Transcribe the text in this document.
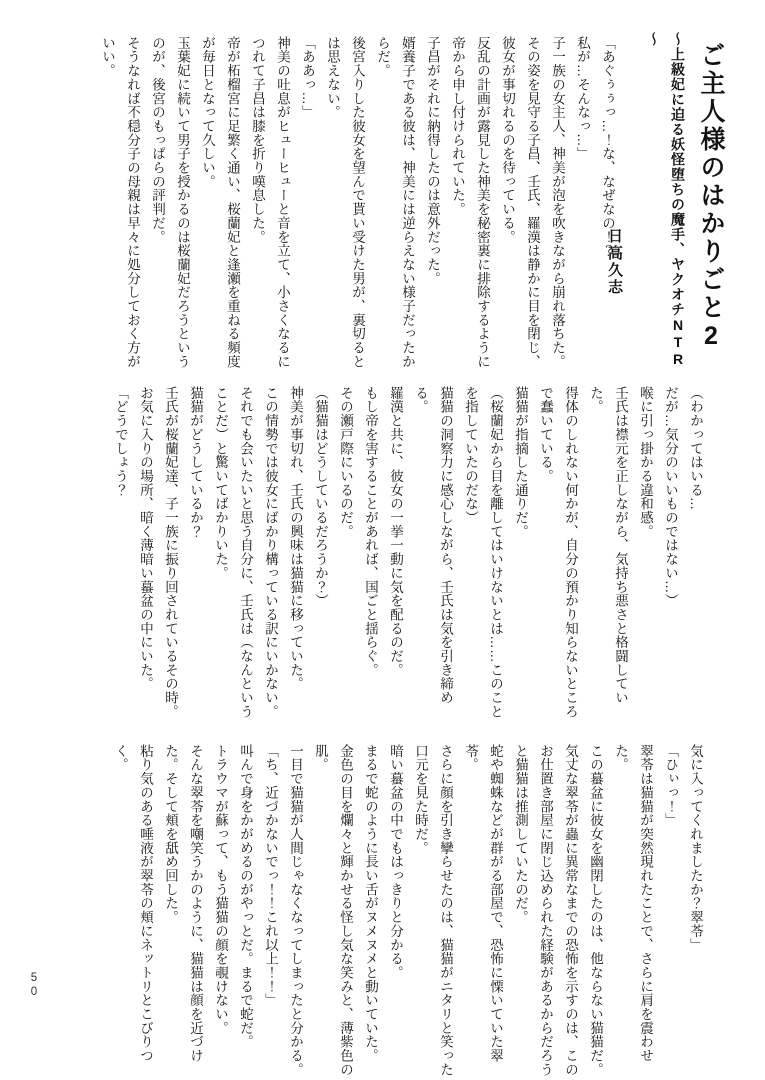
ご主人様のはかりごと2
～上級妃に迫る妖怪堕ちの魔手、ヤクオチNTR～

日高久志

「あぐぅぅっ…！な、なぜなの！？

私が…そんなっ…」

子一族の女主人、神美が泡を吹きながら崩れ落ちた。

その姿を見守る子昌、壬氏、羅漢は静かに目を閉じ、彼女が事切れるのを待っている。

反乱の計画が露見した神美を秘密裏に排除するように帝から申し付けられていた。

子昌がそれに納得したのは意外だった。

婿養子である彼は、神美には逆らえない様子だったからだ。

後宮入りした彼女を望んで貰い受けた男が、裏切るとは思えない。

「ああっ…」

神美の吐息がヒューヒューと音を立て、小さくなるにつれて子昌は膝を折り嘆息した。

帝が柘榴宮に足繁く通い、桜蘭妃と逢瀬を重ねる頻度が毎日となって久しい。

玉葉妃に続いて男子を授かるのは桜蘭妃だろうというのが、後宮のもっぱらの評判だ。

そうなれば不穏分子の母親は早々に処分しておく方がいい。

（わかってはいる…

だが…気分のいいものではない…）

喉に引っ掛かる違和感。

壬氏は襟元を正しながら、気持ち悪さと格闘していた。

得体のしれない何かが、自分の預かり知らないところで蠢いている。

猫猫が指摘した通りだ。

（桜蘭妃から目を離してはいけないとは……このことを指していたのだな）

猫猫の洞察力に感心しながら、壬氏は気を引き締める。

羅漢と共に、彼女の一挙一動に気を配るのだ。

もし帝を害することがあれば、国ごと揺らぐ。

その瀬戸際にいるのだ。

（猫猫はどうしているだろうか？）

神美が事切れ、壬氏の興味は猫猫に移っていた。

この情勢では彼女にばかり構っている訳にいかない。

それでも会いたいと思う自分に、壬氏は（なんということだ）と驚いてばかりいた。

猫猫がどうしているか？

壬氏が桜蘭妃達、子一族に振り回されているその時。

お気に入りの場所、暗く薄暗い蟇盆の中にいた。

「どうでしょう？

気に入ってくれましたか？翠苓」

「ひぃっ！」

翠苓は猫猫が突然現れたことで、さらに肩を震わせた。

この蟇盆に彼女を幽閉したのは、他ならない猫猫だ。

気丈な翠苓が蟲に異常なまでの恐怖を示すのは、このお仕置き部屋に閉じ込められた経験があるからだろうと猫猫は推測していたのだ。

蛇や蜘蛛などが群がる部屋で、恐怖に慄いていた翠苓。

さらに顔を引き攣らせたのは、猫猫がニタリと笑った口元を見た時だ。

暗い蟇盆の中でもはっきりと分かる。

まるで蛇のように長い舌がヌメヌメと動いていた。

金色の目を爛々と輝かせる怪し気な笑みと、薄紫色の肌。

一目で猫猫が人間じゃなくなってしまったと分かる。

「ち、近づかないでっ！！これ以上！！」

叫んで身をかがめるのがやっとだ。まるで蛇だ。

トラウマが蘇って、もう猫猫の顔を覗けない。

そんな翠苓を嘲笑うかのように、猫猫は顔を近づけた。そして頬を舐め回した。

粘り気のある唾液が翠苓の頬にネットリとこびりつく。

50
